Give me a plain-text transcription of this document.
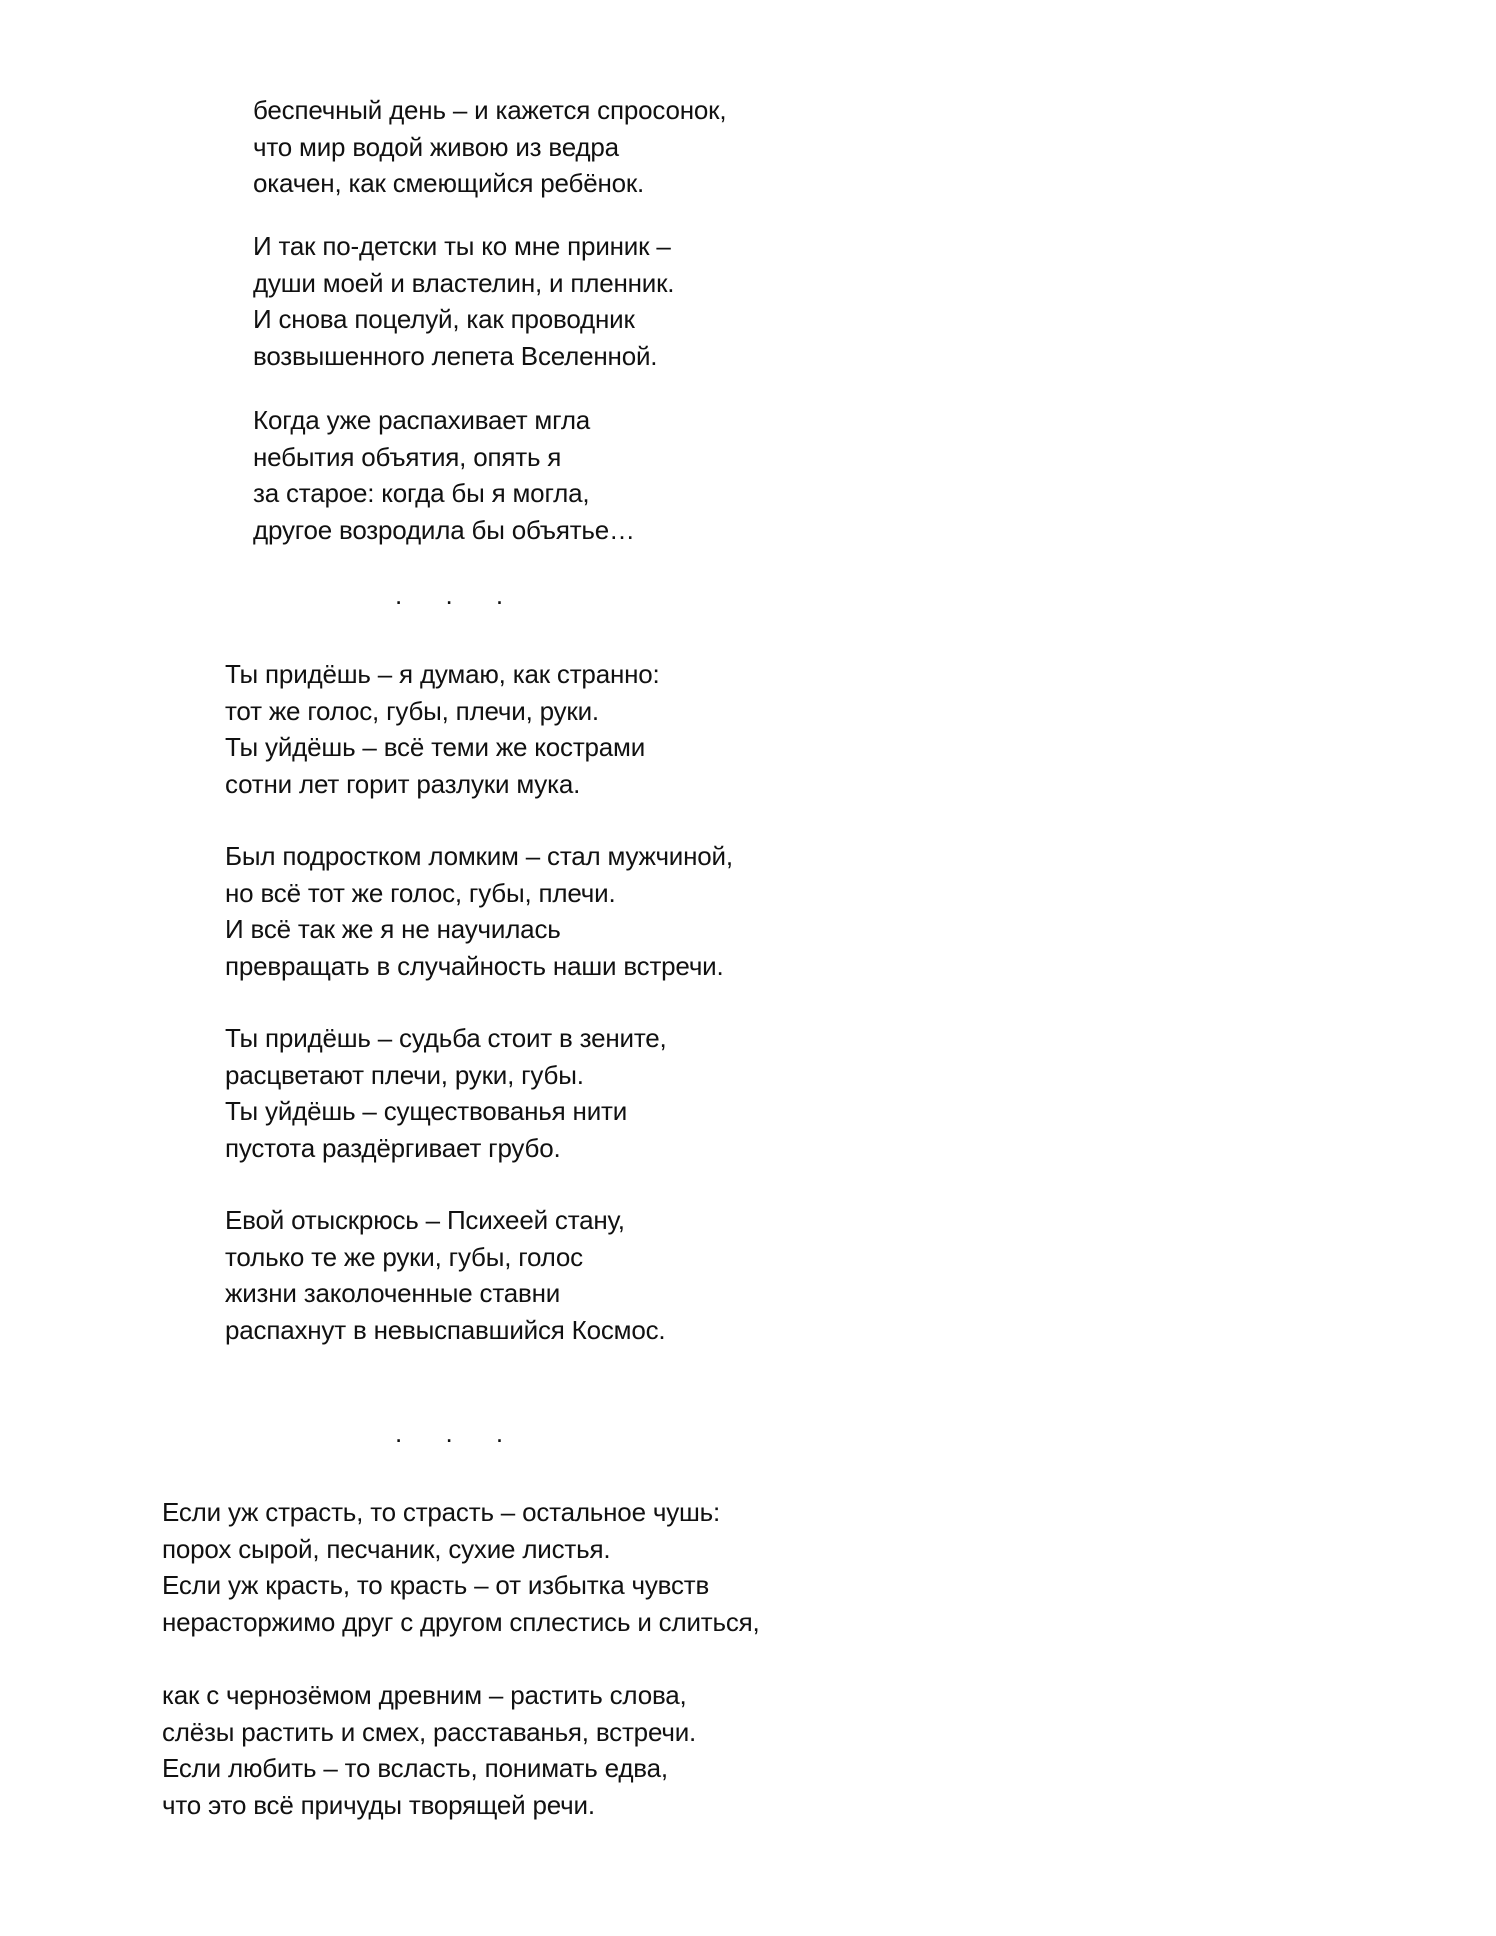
беспечный день – и кажется спросонок,
что мир водой живою из ведра
окачен, как смеющийся ребёнок.
И так по-детски ты ко мне приник –
души моей и властелин, и пленник.
И снова поцелуй, как проводник
возвышенного лепета Вселенной.
Когда уже распахивает мгла
небытия объятия, опять я
за старое: когда бы я могла,
другое возродила бы объятье…
. . .
Ты придёшь – я думаю, как странно:
тот же голос, губы, плечи, руки.
Ты уйдёшь – всё теми же кострами
сотни лет горит разлуки мука.
Был подростком ломким – стал мужчиной,
но всё тот же голос, губы, плечи.
И всё так же я не научилась
превращать в случайность наши встречи.
Ты придёшь – судьба стоит в зените,
расцветают плечи, руки, губы.
Ты уйдёшь – существованья нити
пустота раздёргивает грубо.
Евой отыскрюсь – Психеей стану,
только те же руки, губы, голос
жизни заколоченные ставни
распахнут в невыспавшийся Космос.
. . .
Если уж страсть, то страсть – остальное чушь:
порох сырой, песчаник, сухие листья.
Если уж красть, то красть – от избытка чувств
нерасторжимо друг с другом сплестись и слиться,
как с чернозёмом древним – растить слова,
слёзы растить и смех, расставанья, встречи.
Если любить – то всласть, понимать едва,
что это всё причуды творящей речи.
